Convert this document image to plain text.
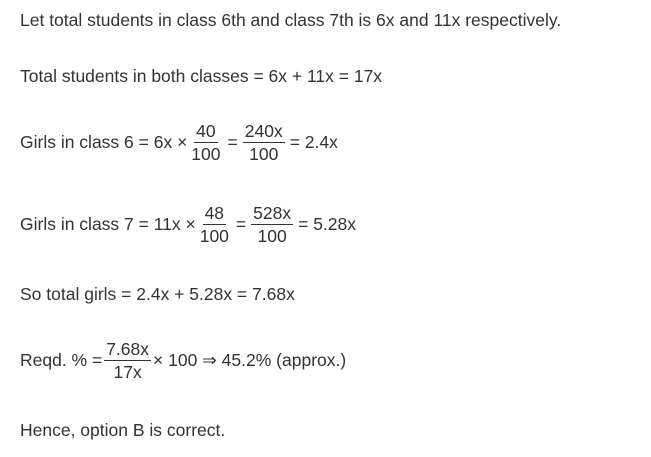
Let total students in class 6th and class 7th is 6x and 11x respectively.
Total students in both classes = 6x + 11x = 17x
Girls in class $6 = 6x \times \frac{40}{100} = \frac{240x}{100} = 2.4x$
Girls in class $7 = 11x \times \frac{48}{100} = \frac{528x}{100} = 5.28x$
So total girls = 2.4x + 5.28x = 7.68x
Reqd. % = $\frac{7.68x}{17x} \times 100$ ⇒ 45.2% (approx.)
Hence, option B is correct.
